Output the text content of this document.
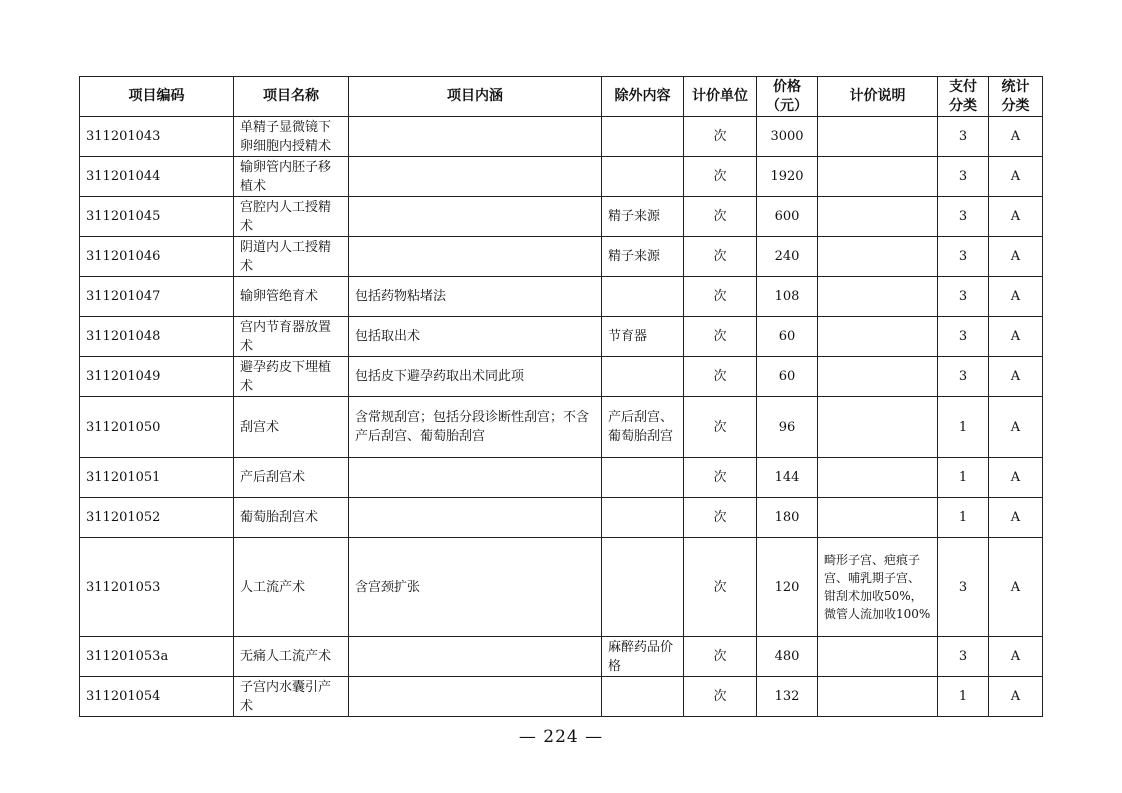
项目编码	项目名称	项目内涵	除外内容	计价单位	价格（元）	计价说明	支付分类	统计分类
311201043	单精子显微镜下卵细胞内授精术			次	3000		3	A
311201044	输卵管内胚子移植术			次	1920		3	A
311201045	宫腔内人工授精术		精子来源	次	600		3	A
311201046	阴道内人工授精术		精子来源	次	240		3	A
311201047	输卵管绝育术	包括药物粘堵法		次	108		3	A
311201048	宫内节育器放置术	包括取出术	节育器	次	60		3	A
311201049	避孕药皮下埋植术	包括皮下避孕药取出术同此项		次	60		3	A
311201050	刮宫术	含常规刮宫；包括分段诊断性刮宫；不含产后刮宫、葡萄胎刮宫	产后刮宫、葡萄胎刮宫	次	96		1	A
311201051	产后刮宫术			次	144		1	A
311201052	葡萄胎刮宫术			次	180		1	A
311201053	人工流产术	含宫颈扩张		次	120	畸形子宫、疤痕子宫、哺乳期子宫、钳刮术加收50%，微管人流加收100%	3	A
311201053a	无痛人工流产术		麻醉药品价格	次	480		3	A
311201054	子宫内水囊引产术			次	132		1	A
— 224 —
